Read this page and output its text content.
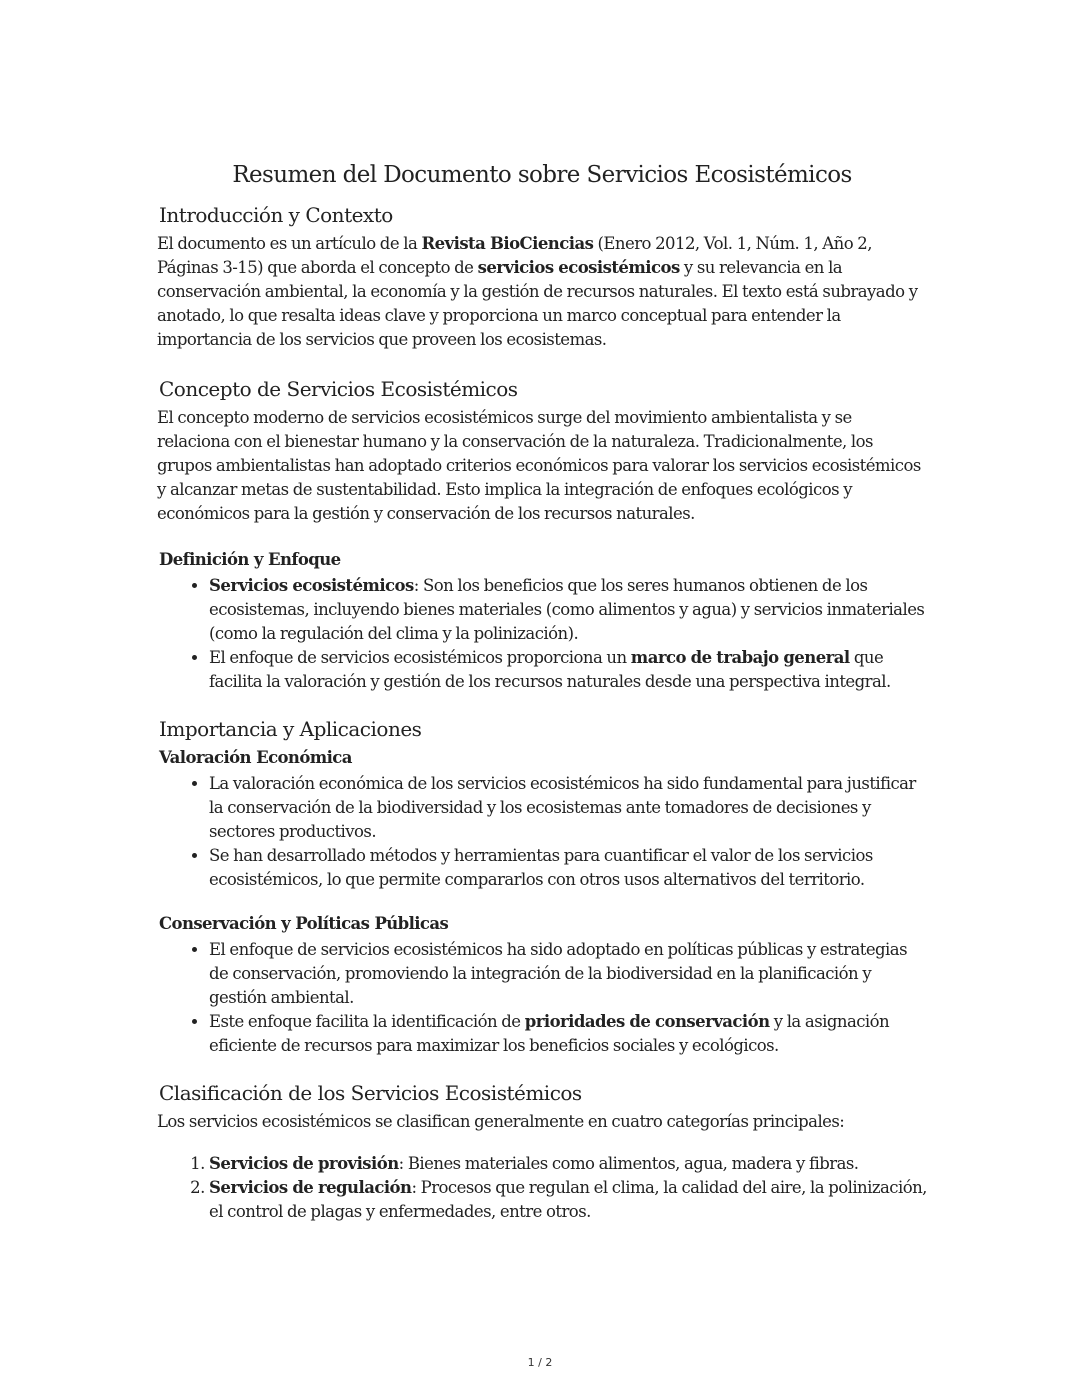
Resumen del Documento sobre Servicios Ecosistémicos
Introducción y Contexto

El documento es un artículo de la Revista BioCiencias (Enero 2012, Vol. 1, Núm. 1, Año 2, Páginas 3-15) que aborda el concepto de servicios ecosistémicos y su relevancia en la conservación ambiental, la economía y la gestión de recursos naturales. El texto está subrayado y anotado, lo que resalta ideas clave y proporciona un marco conceptual para entender la importancia de los servicios que proveen los ecosistemas.

Concepto de Servicios Ecosistémicos

El concepto moderno de servicios ecosistémicos surge del movimiento ambientalista y se relaciona con el bienestar humano y la conservación de la naturaleza. Tradicionalmente, los grupos ambientalistas han adoptado criterios económicos para valorar los servicios ecosistémicos y alcanzar metas de sustentabilidad. Esto implica la integración de enfoques ecológicos y económicos para la gestión y conservación de los recursos naturales.

Definición y Enfoque
• Servicios ecosistémicos: Son los beneficios que los seres humanos obtienen de los ecosistemas, incluyendo bienes materiales (como alimentos y agua) y servicios inmateriales (como la regulación del clima y la polinización).
• El enfoque de servicios ecosistémicos proporciona un marco de trabajo general que facilita la valoración y gestión de los recursos naturales desde una perspectiva integral.
Importancia y Aplicaciones
Valoración Económica
• La valoración económica de los servicios ecosistémicos ha sido fundamental para justificar la conservación de la biodiversidad y los ecosistemas ante tomadores de decisiones y sectores productivos.
• Se han desarrollado métodos y herramientas para cuantificar el valor de los servicios ecosistémicos, lo que permite compararlos con otros usos alternativos del territorio.
Conservación y Políticas Públicas
• El enfoque de servicios ecosistémicos ha sido adoptado en políticas públicas y estrategias de conservación, promoviendo la integración de la biodiversidad en la planificación y gestión ambiental.
• Este enfoque facilita la identificación de prioridades de conservación y la asignación eficiente de recursos para maximizar los beneficios sociales y ecológicos.
Clasificación de los Servicios Ecosistémicos

Los servicios ecosistémicos se clasifican generalmente en cuatro categorías principales:

1. Servicios de provisión: Bienes materiales como alimentos, agua, madera y fibras.
2. Servicios de regulación: Procesos que regulan el clima, la calidad del aire, la polinización, el control de plagas y enfermedades, entre otros.
1 / 2
